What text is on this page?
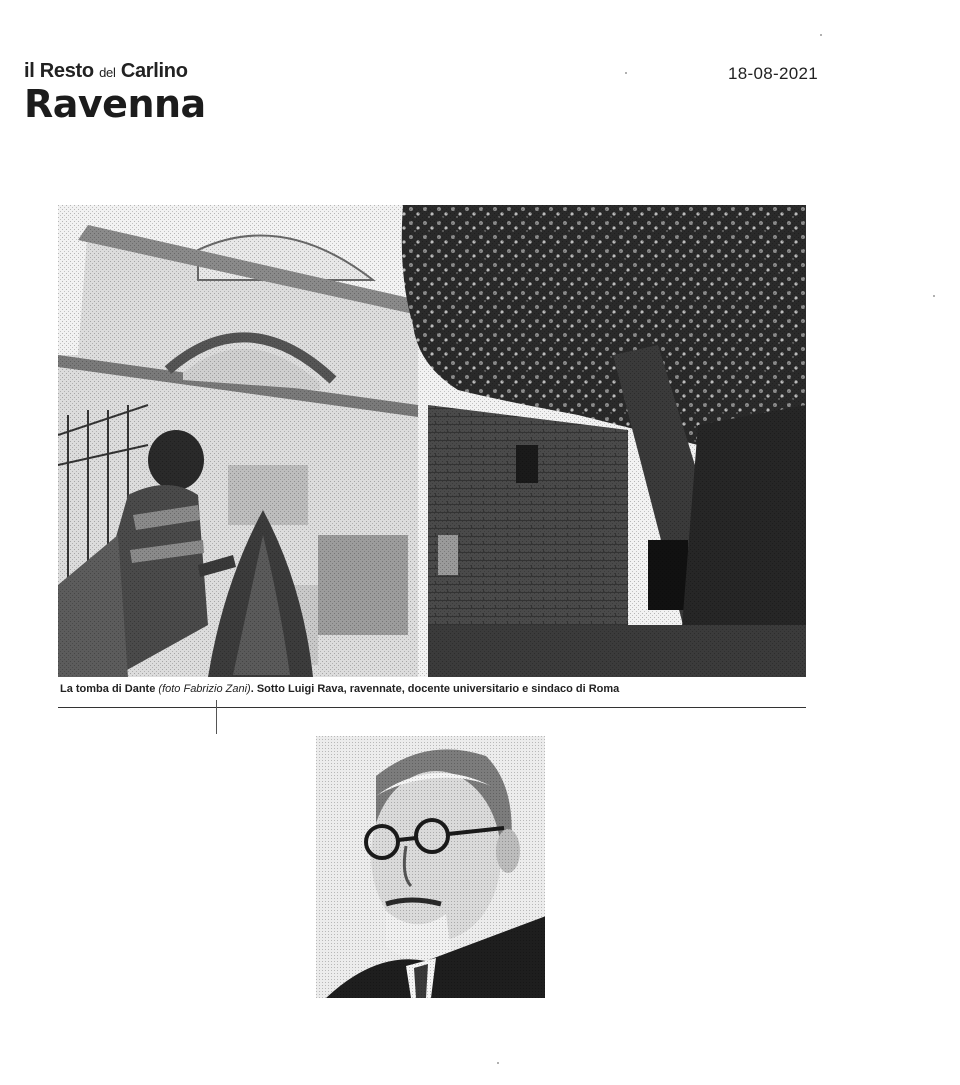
il Resto del Carlino
Ravenna
18-08-2021
La tomba di Dante (foto Fabrizio Zani). Sotto Luigi Rava, ravennate, docente universitario e sindaco di Roma
